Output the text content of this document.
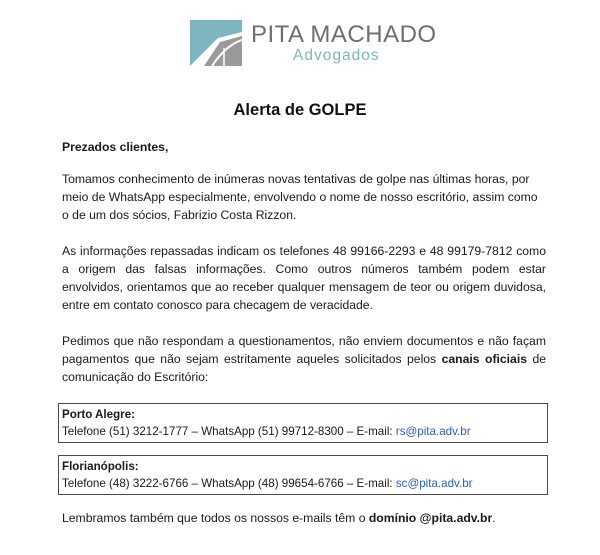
PITA MACHADO
Advogados
Alerta de GOLPE

Prezados clientes,

Tomamos conhecimento de inúmeras novas tentativas de golpe nas últimas horas, por meio de WhatsApp especialmente, envolvendo o nome de nosso escritório, assim como o de um dos sócios, Fabrizio Costa Rizzon.

As informações repassadas indicam os telefones 48 99166-2293 e 48 99179-7812 como a origem das falsas informações. Como outros números também podem estar envolvidos, orientamos que ao receber qualquer mensagem de teor ou origem duvidosa, entre em contato conosco para checagem de veracidade.

Pedimos que não respondam a questionamentos, não enviem documentos e não façam pagamentos que não sejam estritamente aqueles solicitados pelos canais oficiais de comunicação do Escritório:

Porto Alegre:
Telefone (51) 3212-1777 – WhatsApp (51) 99712-8300 – E-mail: rs@pita.adv.br
Florianópolis:
Telefone (48) 3222-6766 – WhatsApp (48) 99654-6766 – E-mail: sc@pita.adv.br

Lembramos também que todos os nossos e-mails têm o domínio @pita.adv.br.
